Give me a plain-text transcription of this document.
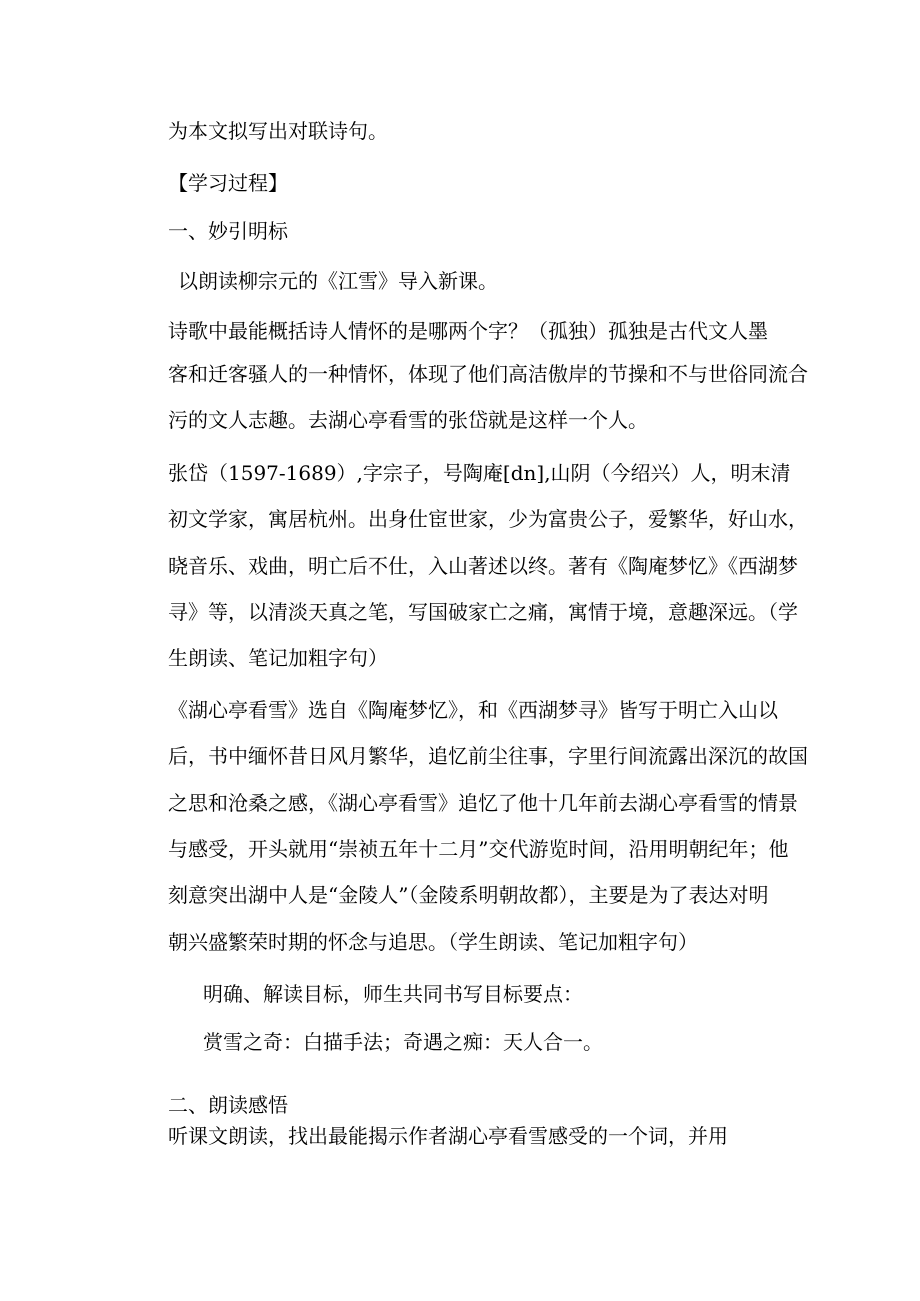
为本文拟写出对联诗句。
【学习过程】
一、妙引明标
以朗读柳宗元的《江雪》导入新课。
诗歌中最能概括诗人情怀的是哪两个字？（孤独）孤独是古代文人墨
客和迁客骚人的一种情怀，体现了他们高洁傲岸的节操和不与世俗同流合
污的文人志趣。去湖心亭看雪的张岱就是这样一个人。
张岱（1597-1689）,字宗子，号陶庵[dn],山阴（今绍兴）人，明末清
初文学家，寓居杭州。出身仕宦世家，少为富贵公子，爱繁华，好山水，
晓音乐、戏曲，明亡后不仕，入山著述以终。著有《陶庵梦忆》《西湖梦
寻》等，以清淡天真之笔，写国破家亡之痛，寓情于境，意趣深远。（学
生朗读、笔记加粗字句）
《湖心亭看雪》选自《陶庵梦忆》，和《西湖梦寻》皆写于明亡入山以
后，书中缅怀昔日风月繁华，追忆前尘往事，字里行间流露出深沉的故国
之思和沧桑之感，《湖心亭看雪》追忆了他十几年前去湖心亭看雪的情景
与感受，开头就用“崇祯五年十二月”交代游览时间，沿用明朝纪年；他
刻意突出湖中人是“金陵人”（金陵系明朝故都），主要是为了表达对明
朝兴盛繁荣时期的怀念与追思。（学生朗读、笔记加粗字句）
明确、解读目标，师生共同书写目标要点：
赏雪之奇：白描手法；奇遇之痴：天人合一。
二、朗读感悟
听课文朗读，找出最能揭示作者湖心亭看雪感受的一个词，并用
